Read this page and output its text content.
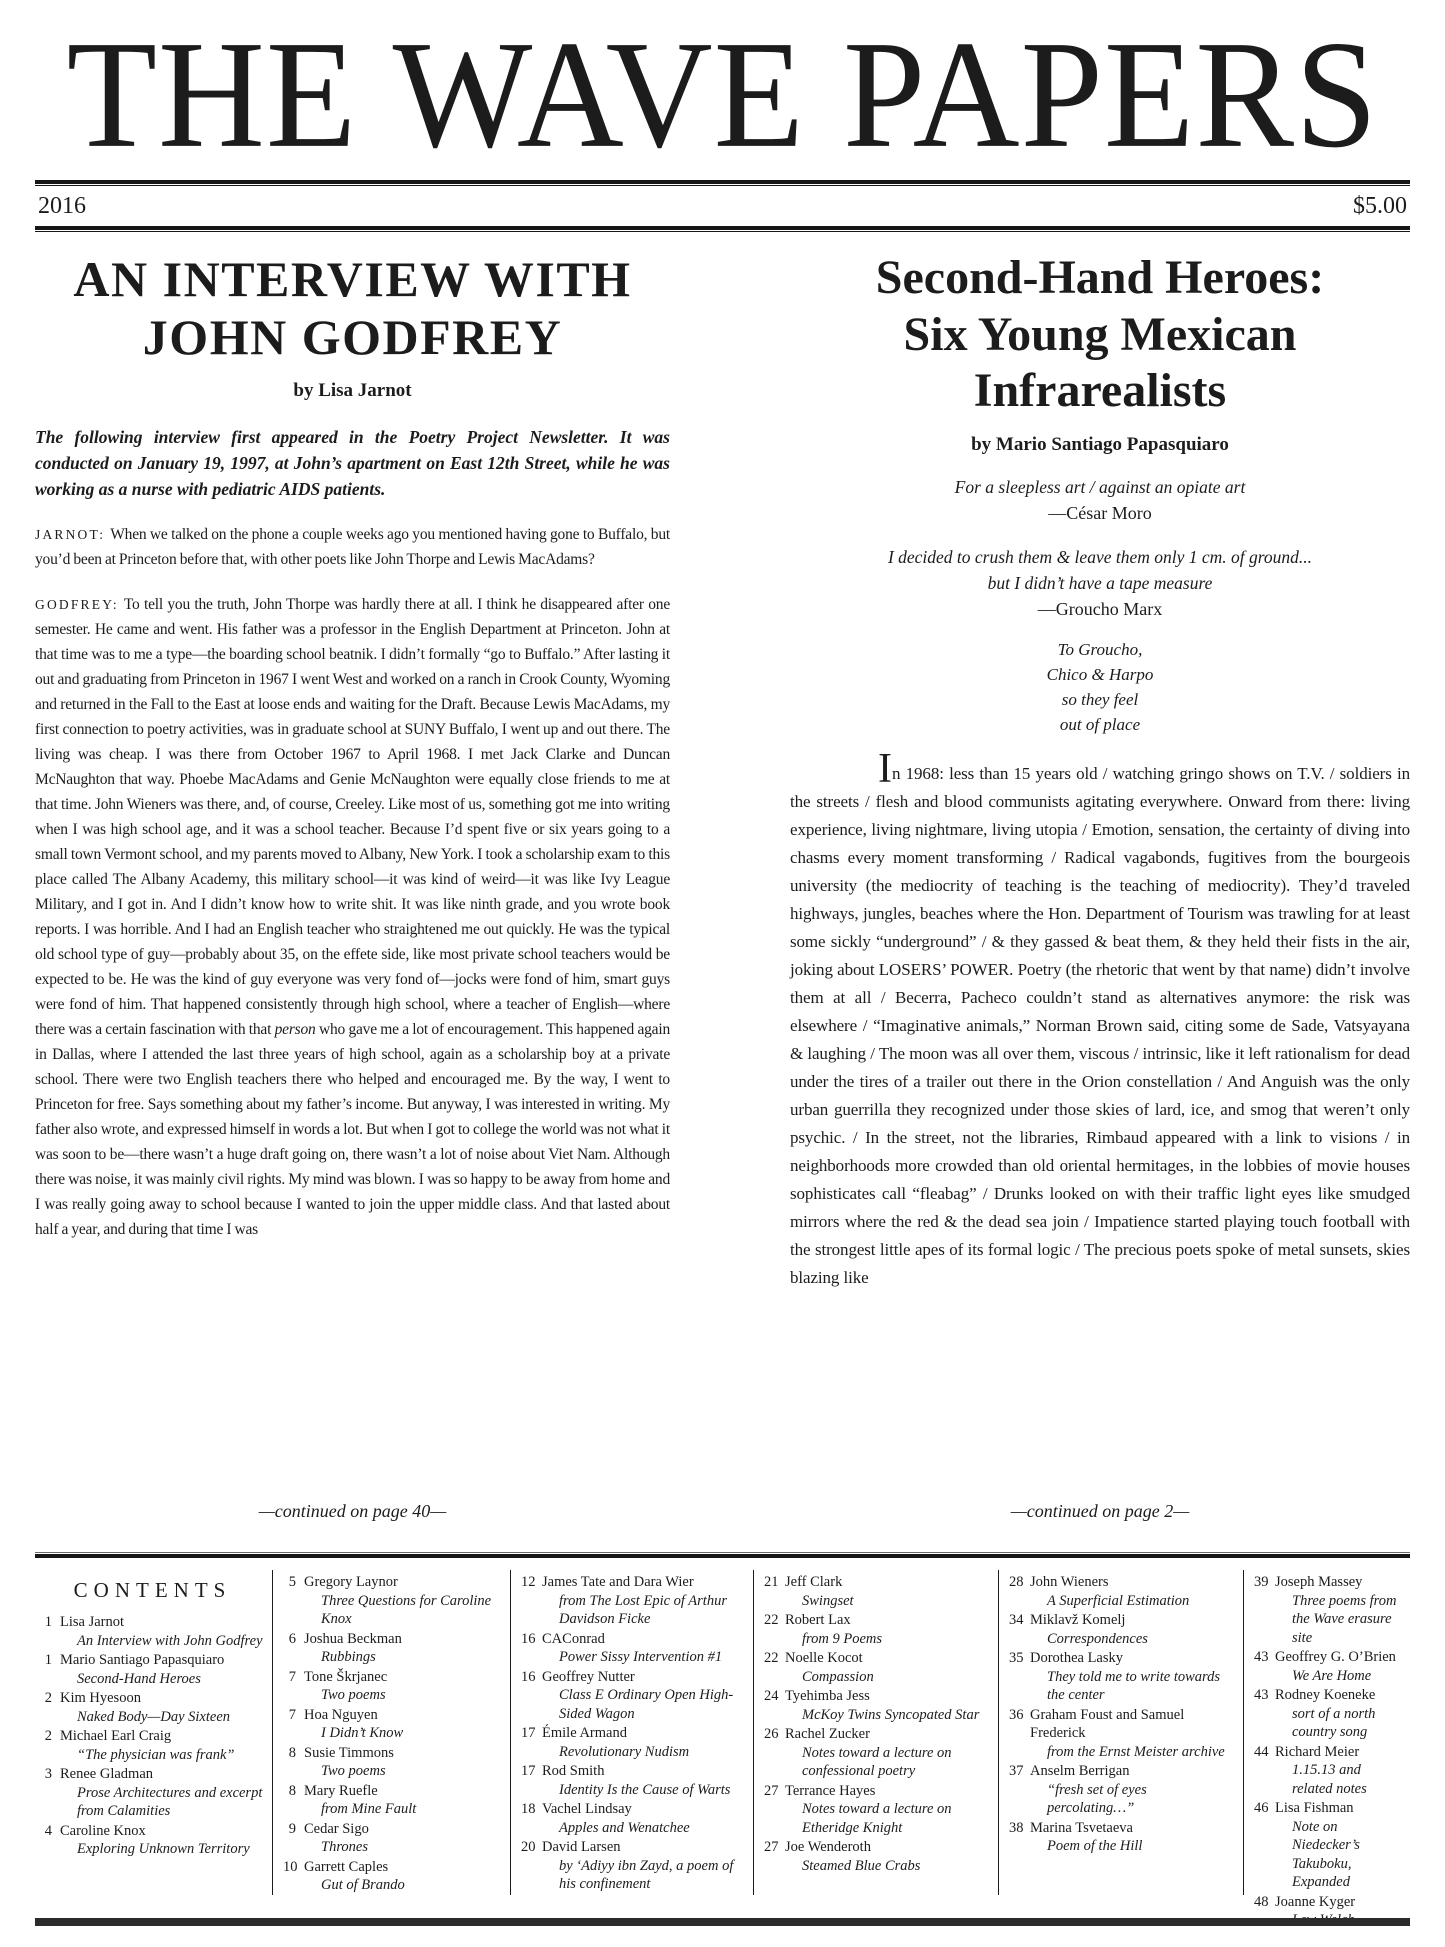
THE WAVE PAPERS
2016	$5.00
AN INTERVIEW WITH
JOHN GODFREY
by Lisa Jarnot

The following interview first appeared in the Poetry Project Newsletter. It was conducted on January 19, 1997, at John’s apartment on East 12th Street, while he was working as a nurse with pediatric AIDS patients.

JARNOT: When we talked on the phone a couple weeks ago you mentioned having gone to Buffalo, but you’d been at Princeton before that, with other poets like John Thorpe and Lewis MacAdams?

GODFREY: To tell you the truth, John Thorpe was hardly there at all. I think he disappeared after one semester. He came and went. His father was a professor in the English Department at Princeton. John at that time was to me a type—the boarding school beatnik. I didn’t formally “go to Buffalo.” After lasting it out and graduating from Princeton in 1967 I went West and worked on a ranch in Crook County, Wyoming and returned in the Fall to the East at loose ends and waiting for the Draft. Because Lewis MacAdams, my first connection to poetry activities, was in graduate school at SUNY Buffalo, I went up and out there. The living was cheap. I was there from October 1967 to April 1968. I met Jack Clarke and Duncan McNaughton that way. Phoebe MacAdams and Genie McNaughton were equally close friends to me at that time. John Wieners was there, and, of course, Creeley. Like most of us, something got me into writing when I was high school age, and it was a school teacher. Because I’d spent five or six years going to a small town Vermont school, and my parents moved to Albany, New York. I took a scholarship exam to this place called The Albany Academy, this military school—it was kind of weird—it was like Ivy League Military, and I got in. And I didn’t know how to write shit. It was like ninth grade, and you wrote book reports. I was horrible. And I had an English teacher who straightened me out quickly. He was the typical old school type of guy—probably about 35, on the effete side, like most private school teachers would be expected to be. He was the kind of guy everyone was very fond of—jocks were fond of him, smart guys were fond of him. That happened consistently through high school, where a teacher of English—where there was a certain fascination with that person who gave me a lot of encouragement. This happened again in Dallas, where I attended the last three years of high school, again as a scholarship boy at a private school. There were two English teachers there who helped and encouraged me. By the way, I went to Princeton for free. Says something about my father’s income. But anyway, I was interested in writing. My father also wrote, and expressed himself in words a lot. But when I got to college the world was not what it was soon to be—there wasn’t a huge draft going on, there wasn’t a lot of noise about Viet Nam. Although there was noise, it was mainly civil rights. My mind was blown. I was so happy to be away from home and I was really going away to school because I wanted to join the upper middle class. And that lasted about half a year, and during that time I was

—continued on page 40—
Second-Hand Heroes:
Six Young Mexican
Infrarealists
by Mario Santiago Papasquiaro
For a sleepless art / against an opiate art
—César Moro
I decided to crush them & leave them only 1 cm. of ground...
but I didn’t have a tape measure
—Groucho Marx
To Groucho,
Chico & Harpo
so they feel
out of place

In 1968: less than 15 years old / watching gringo shows on T.V. / soldiers in the streets / flesh and blood communists agitating everywhere. Onward from there: living experience, living nightmare, living utopia / Emotion, sensation, the certainty of diving into chasms every moment transforming / Radical vagabonds, fugitives from the bourgeois university (the mediocrity of teaching is the teaching of mediocrity). They’d traveled highways, jungles, beaches where the Hon. Department of Tourism was trawling for at least some sickly “underground” / & they gassed & beat them, & they held their fists in the air, joking about LOSERS’ POWER. Poetry (the rhetoric that went by that name) didn’t involve them at all / Becerra, Pacheco couldn’t stand as alternatives anymore: the risk was elsewhere / “Imaginative animals,” Norman Brown said, citing some de Sade, Vatsyayana & laughing / The moon was all over them, viscous / intrinsic, like it left rationalism for dead under the tires of a trailer out there in the Orion constellation / And Anguish was the only urban guerrilla they recognized under those skies of lard, ice, and smog that weren’t only psychic. / In the street, not the libraries, Rimbaud appeared with a link to visions / in neighborhoods more crowded than old oriental hermitages, in the lobbies of movie houses sophisticates call “fleabag” / Drunks looked on with their traffic light eyes like smudged mirrors where the red & the dead sea join / Impatience started playing touch football with the strongest little apes of its formal logic / The precious poets spoke of metal sunsets, skies blazing like

—continued on page 2—
CONTENTS
1 Lisa Jarnot
An Interview with John Godfrey
1 Mario Santiago Papasquiaro
Second-Hand Heroes
2 Kim Hyesoon
Naked Body—Day Sixteen
2 Michael Earl Craig
“The physician was frank”
3 Renee Gladman
Prose Architectures and excerpt from Calamities
4 Caroline Knox
Exploring Unknown Territory
5 Gregory Laynor
Three Questions for Caroline Knox
6 Joshua Beckman
Rubbings
7 Tone Škrjanec
Two poems
7 Hoa Nguyen
I Didn’t Know
8 Susie Timmons
Two poems
8 Mary Ruefle
from Mine Fault
9 Cedar Sigo
Thrones
10 Garrett Caples
Gut of Brando
12 James Tate and Dara Wier
from The Lost Epic of Arthur Davidson Ficke
16 CAConrad
Power Sissy Intervention #1
16 Geoffrey Nutter
Class E Ordinary Open High-Sided Wagon
17 Émile Armand
Revolutionary Nudism
17 Rod Smith
Identity Is the Cause of Warts
18 Vachel Lindsay
Apples and Wenatchee
20 David Larsen
by ‘Adiyy ibn Zayd, a poem of his confinement
21 Jeff Clark
Swingset
22 Robert Lax
from 9 Poems
22 Noelle Kocot
Compassion
24 Tyehimba Jess
McKoy Twins Syncopated Star
26 Rachel Zucker
Notes toward a lecture on confessional poetry
27 Terrance Hayes
Notes toward a lecture on Etheridge Knight
27 Joe Wenderoth
Steamed Blue Crabs
28 John Wieners
A Superficial Estimation
34 Miklavž Komelj
Correspondences
35 Dorothea Lasky
They told me to write towards the center
36 Graham Foust and Samuel Frederick
from the Ernst Meister archive
37 Anselm Berrigan
“fresh set of eyes percolating…”
38 Marina Tsvetaeva
Poem of the Hill
39 Joseph Massey
Three poems from the Wave erasure site
43 Geoffrey G. O’Brien
We Are Home
43 Rodney Koeneke
sort of a north country song
44 Richard Meier
1.15.13 and related notes
46 Lisa Fishman
Note on Niedecker’s Takuboku, Expanded
48 Joanne Kyger
